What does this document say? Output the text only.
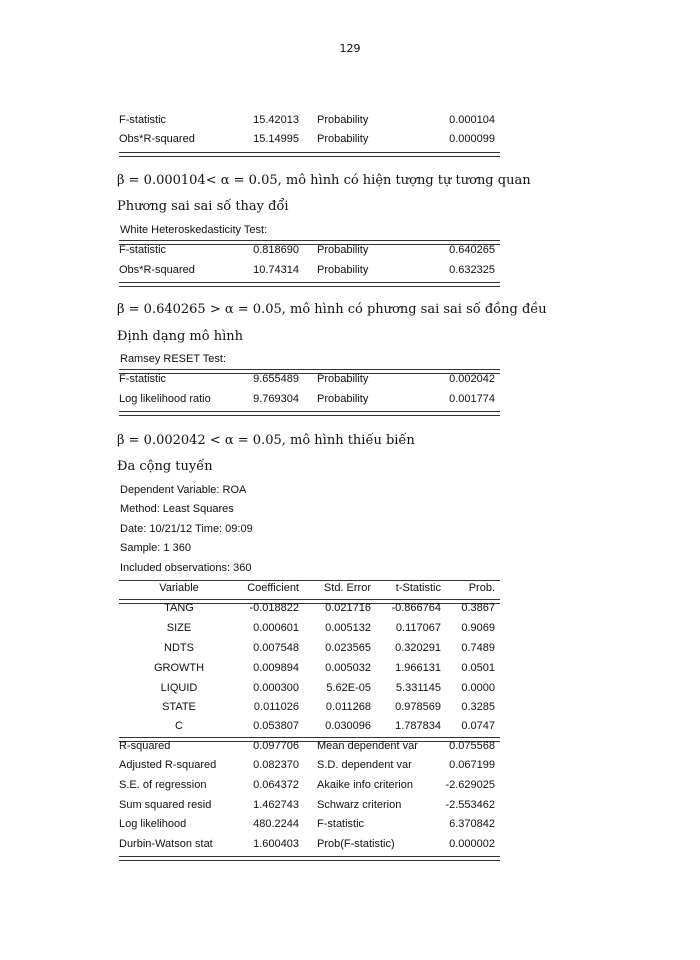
129
F-statistic	15.42013 Probability	0.000104
Obs*R-squared	15.14995 Probability	0.000099
β = 0.000104< α = 0.05, mô hình có hiện tượng tự tương quan
Phương sai sai số thay đổi
White Heteroskedasticity Test:
F-statistic	0.818690 Probability	0.640265
Obs*R-squared	10.74314 Probability	0.632325
β = 0.640265 > α = 0.05, mô hình có phương sai sai số đồng đều
Định dạng mô hình
Ramsey RESET Test:
F-statistic	9.655489 Probability	0.002042
Log likelihood ratio	9.769304 Probability	0.001774
β = 0.002042 < α = 0.05, mô hình thiếu biến
Đa cộng tuyến
Dependent Variable: ROA
Method: Least Squares
Date: 10/21/12 Time: 09:09
Sample: 1 360
Included observations: 360
Variable	Coefficient	Std. Error	t-Statistic	Prob.
TANG	-0.018822	0.021716	-0.866764	0.3867
SIZE	0.000601	0.005132	0.117067	0.9069
NDTS	0.007548	0.023565	0.320291	0.7489
GROWTH	0.009894	0.005032	1.966131	0.0501
LIQUID	0.000300	5.62E-05	5.331145	0.0000
STATE	0.011026	0.011268	0.978569	0.3285
C	0.053807	0.030096	1.787834	0.0747
R-squared	0.097706 Mean dependent var	0.075568
Adjusted R-squared	0.082370 S.D. dependent var	0.067199
S.E. of regression	0.064372 Akaike info criterion	-2.629025
Sum squared resid	1.462743 Schwarz criterion	-2.553462
Log likelihood	480.2244 F-statistic	6.370842
Durbin-Watson stat	1.600403 Prob(F-statistic)	0.000002
